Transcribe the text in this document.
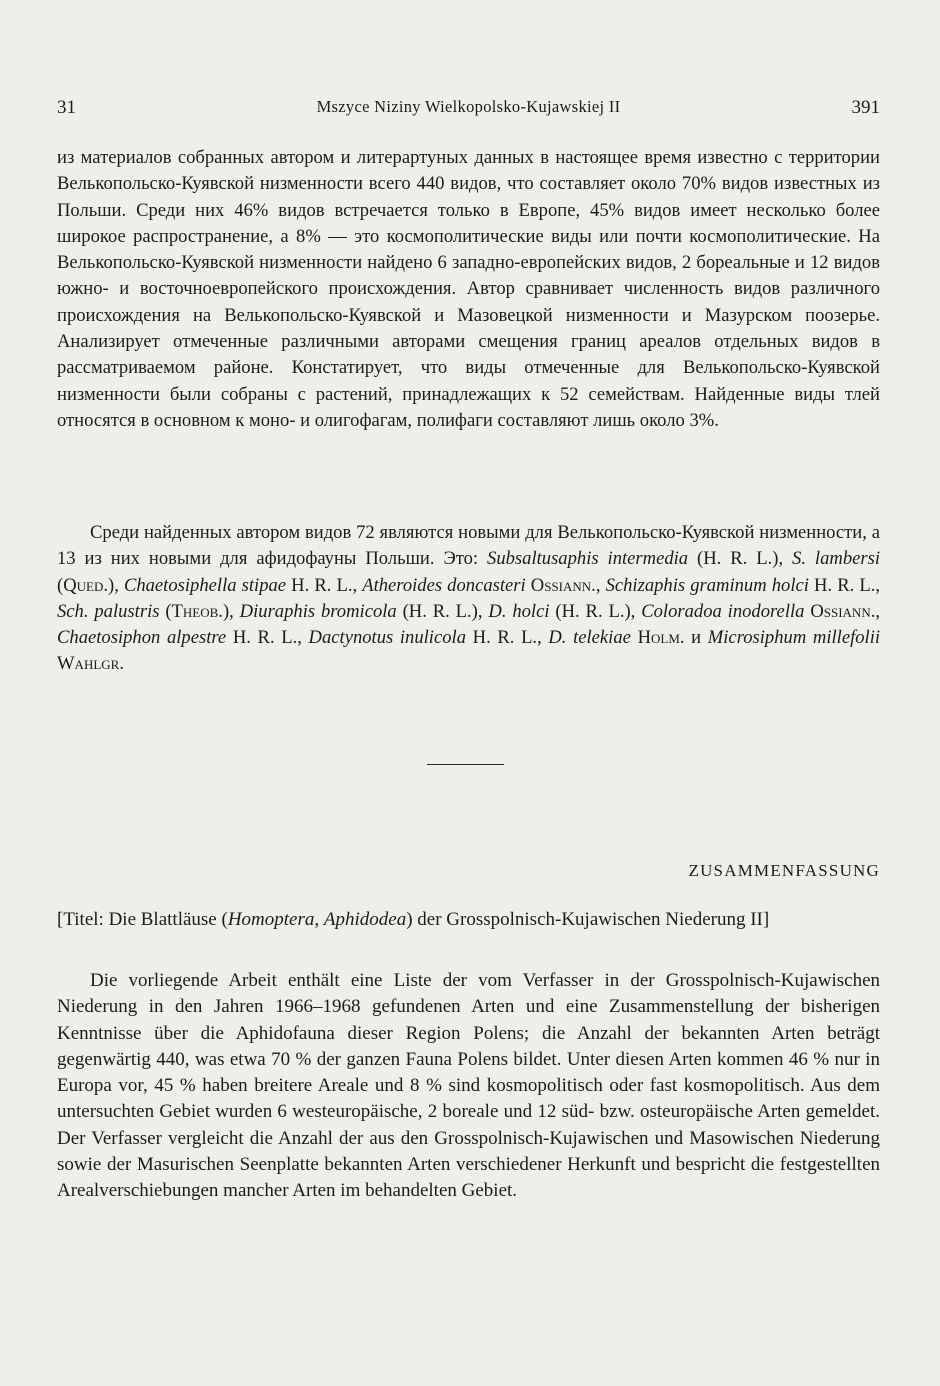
31	Mszyce Niziny Wielkopolsko-Kujawskiej II	391

из материалов собранных автором и литерартуных данных в настоящее время известно с территории Велькопольско-Куявской низменности всего 440 видов, что составляет около 70% видов известных из Польши. Среди них 46% видов встречается только в Европе, 45% видов имеет несколько более широкое распространение, а 8% — это космополитические виды или почти космополитические. На Велькопольско-Куявской низменности найдено 6 западно-европейских видов, 2 бореальные и 12 видов южно- и восточноевропейского происхождения. Автор сравнивает численность видов различного происхождения на Велькопольско-Куявской и Мазовецкой низменности и Мазурском поозерье. Анализирует отмеченные различными авторами смещения границ ареалов отдельных видов в рассматриваемом районе. Констатирует, что виды отмеченные для Велькопольско-Куявской низменности были собраны с растений, принадлежащих к 52 семействам. Найденные виды тлей относятся в основном к моно- и олигофагам, полифаги составляют лишь около 3%.

Среди найденных автором видов 72 являются новыми для Велькопольско-Куявской низменности, а 13 из них новыми для афидофауны Польши. Это: Subsaltusaphis intermedia (H. R. L.), S. lambersi (Qued.), Chaetosiphella stipae H. R. L., Atheroides doncasteri Ossiann., Schizaphis graminum holci H. R. L., Sch. palustris (Theob.), Diuraphis bromicola (H. R. L.), D. holci (H. R. L.), Coloradoa inodorella Ossiann., Chaetosiphon alpestre H. R. L., Dactynotus inulicola H. R. L., D. telekiae Holm. и Microsiphum millefolii Wahlgr.

ZUSAMMENFASSUNG

[Titel: Die Blattläuse (Homoptera, Aphidodea) der Grosspolnisch-Kujawischen Niederung II]

Die vorliegende Arbeit enthält eine Liste der vom Verfasser in der Grosspolnisch-Kujawischen Niederung in den Jahren 1966–1968 gefundenen Arten und eine Zusammenstellung der bisherigen Kenntnisse über die Aphidofauna dieser Region Polens; die Anzahl der bekannten Arten beträgt gegenwärtig 440, was etwa 70 % der ganzen Fauna Polens bildet. Unter diesen Arten kommen 46 % nur in Europa vor, 45 % haben breitere Areale und 8 % sind kosmopolitisch oder fast kosmopolitisch. Aus dem untersuchten Gebiet wurden 6 westeuropäische, 2 boreale und 12 süd- bzw. osteuropäische Arten gemeldet. Der Verfasser vergleicht die Anzahl der aus den Grosspolnisch-Kujawischen und Masowischen Niederung sowie der Masurischen Seenplatte bekannten Arten verschiedener Herkunft und bespricht die festgestellten Arealverschiebungen mancher Arten im behandelten Gebiet.
